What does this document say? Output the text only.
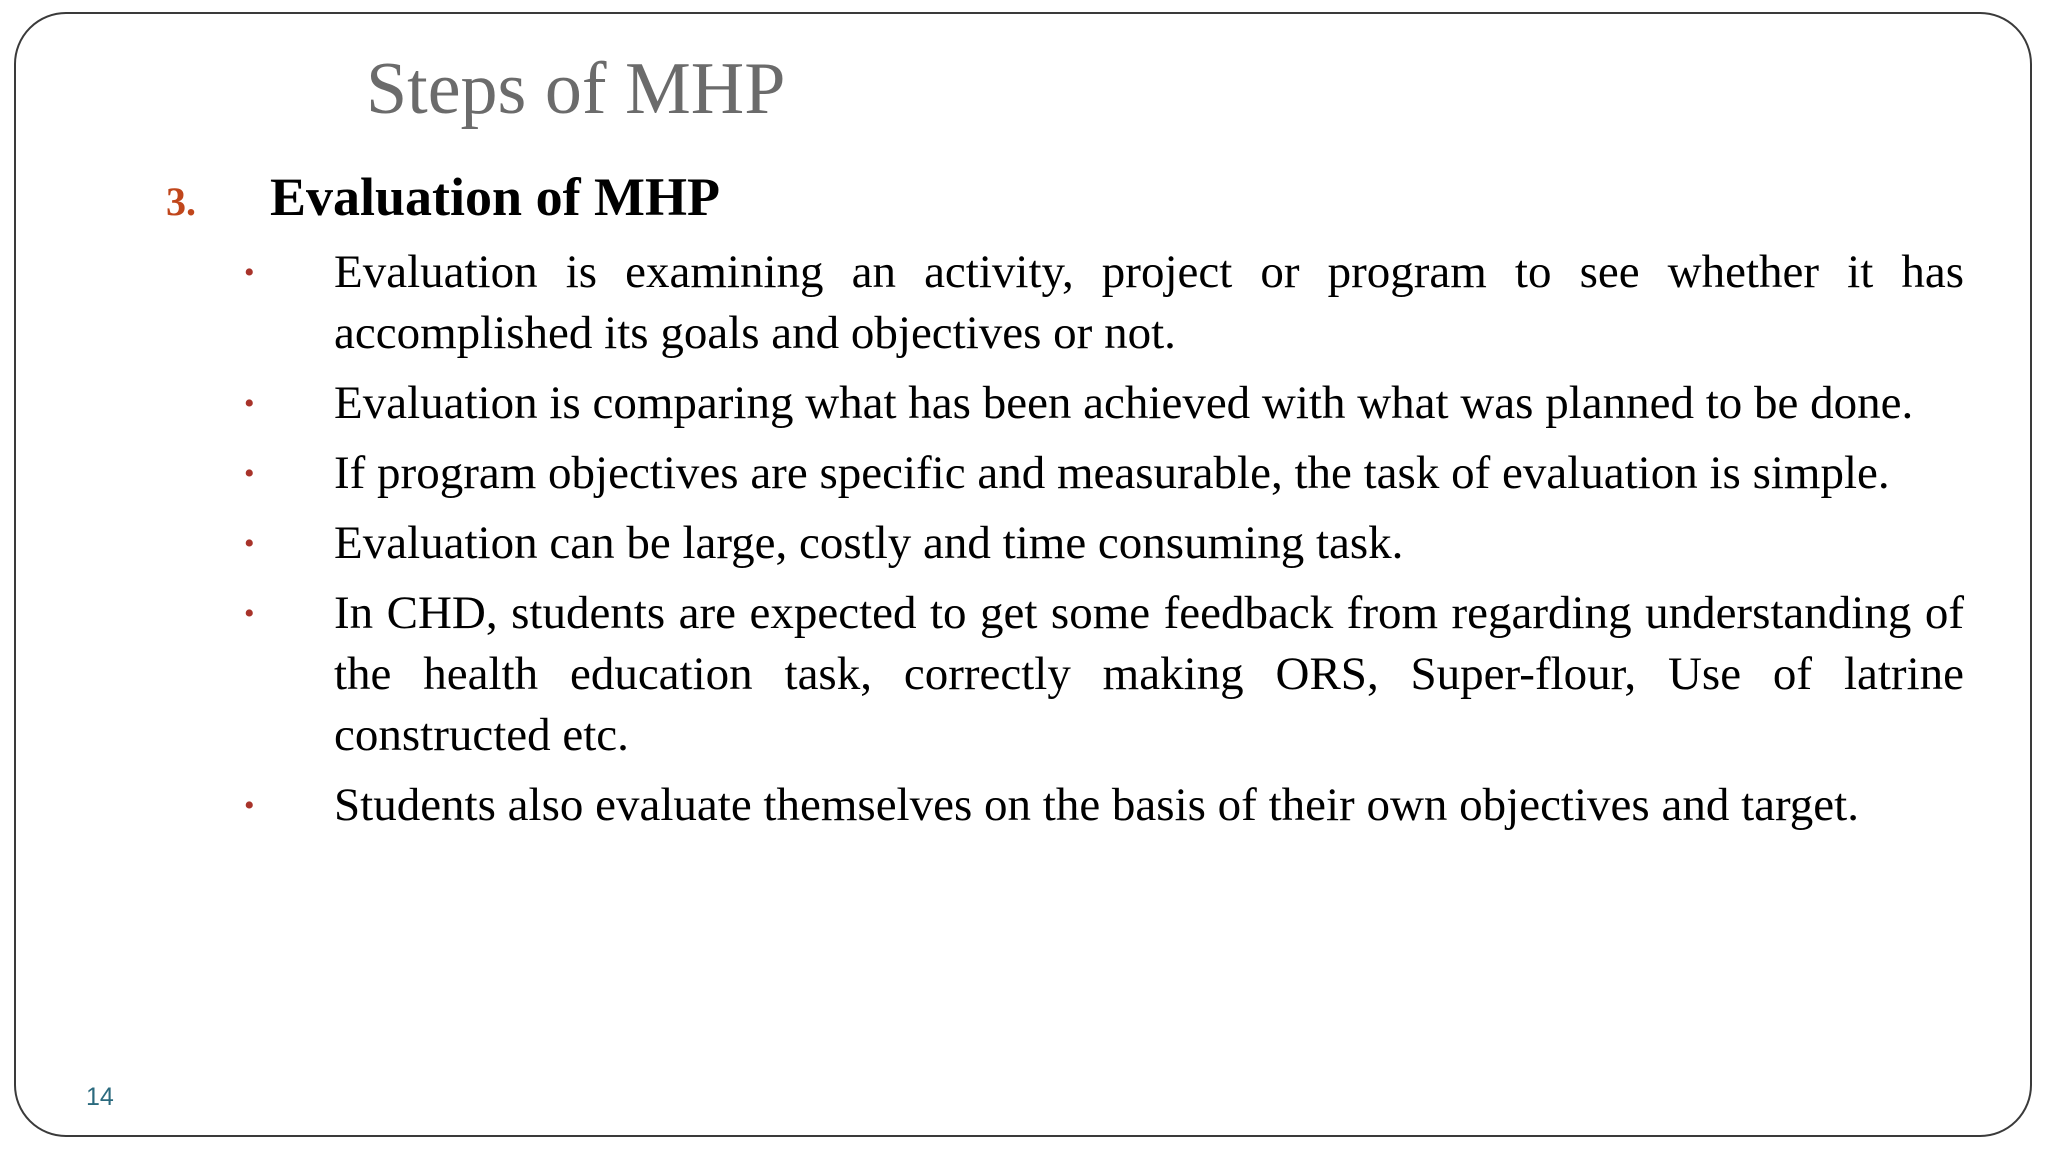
Steps of MHP
3. Evaluation of MHP
• Evaluation is examining an activity, project or program to see whether it has accomplished its goals and objectives or not.
• Evaluation is comparing what has been achieved with what was planned to be done.
• If program objectives are specific and measurable, the task of evaluation is simple.
• Evaluation can be large, costly and time consuming task.
• In CHD, students are expected to get some feedback from regarding understanding of the health education task, correctly making ORS, Super-flour, Use of latrine constructed etc.
• Students also evaluate themselves on the basis of their own objectives and target.
14
